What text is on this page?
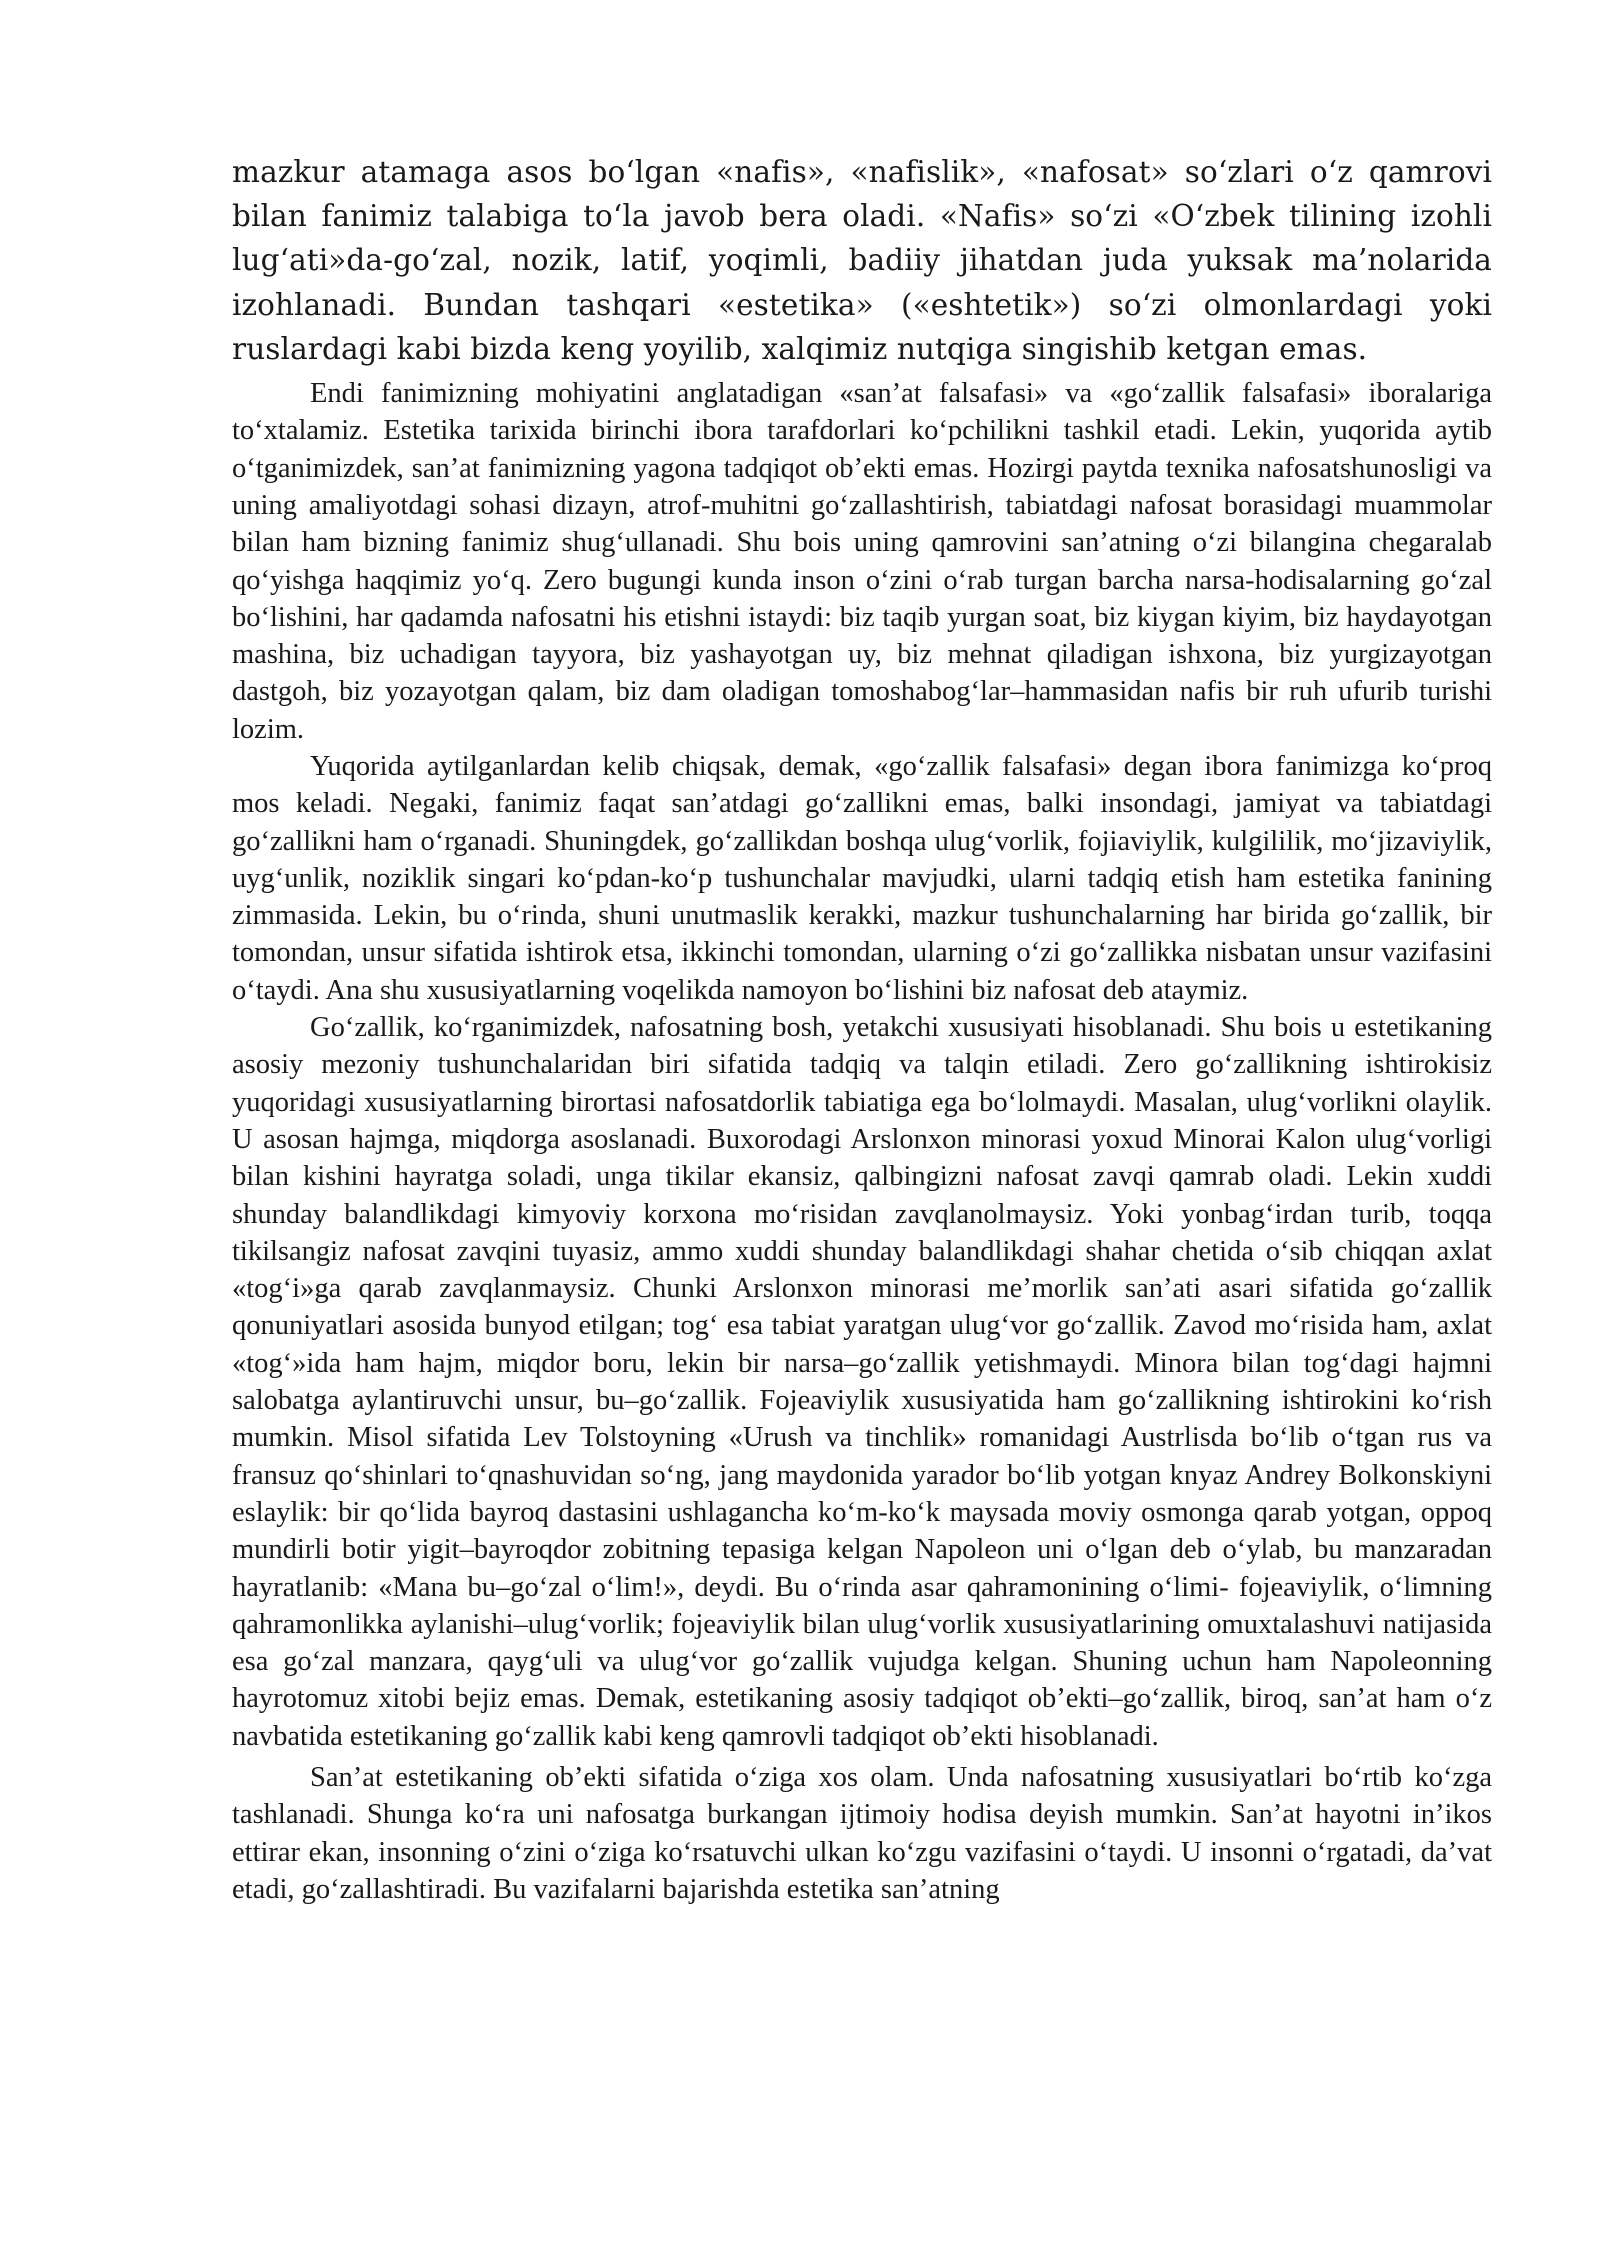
mazkur atamaga asos bo‘lgan «nafis», «nafislik», «nafosat» so‘zlari o‘z qamrovi bilan fanimiz talabiga to‘la javob bera oladi. «Nafis» so‘zi «O‘zbek tilining izohli lug‘ati»da-go‘zal, nozik, latif, yoqimli, badiiy jihatdan juda yuksak ma’nolarida izohlanadi. Bundan tashqari «estetika» («eshtetik») so‘zi olmonlardagi yoki ruslardagi kabi bizda keng yoyilib, xalqimiz nutqiga singishib ketgan emas.

Endi fanimizning mohiyatini anglatadigan «san’at falsafasi» va «go‘zallik falsafasi» iboralariga to‘xtalamiz. Estetika tarixida birinchi ibora tarafdorlari ko‘pchilikni tashkil etadi. Lekin, yuqorida aytib o‘tganimizdek, san’at fanimizning yagona tadqiqot ob’ekti emas. Hozirgi paytda texnika nafosatshunosligi va uning amaliyotdagi sohasi dizayn, atrof-muhitni go‘zallashtirish, tabiatdagi nafosat borasidagi muammolar bilan ham bizning fanimiz shug‘ullanadi. Shu bois uning qamrovini san’atning o‘zi bilangina chegaralab qo‘yishga haqqimiz yo‘q. Zero bugungi kunda inson o‘zini o‘rab turgan barcha narsa-hodisalarning go‘zal bo‘lishini, har qadamda nafosatni his etishni istaydi: biz taqib yurgan soat, biz kiygan kiyim, biz haydayotgan mashina, biz uchadigan tayyora, biz yashayotgan uy, biz mehnat qiladigan ishxona, biz yurgizayotgan dastgoh, biz yozayotgan qalam, biz dam oladigan tomoshabog‘lar–hammasidan nafis bir ruh ufurib turishi lozim.

Yuqorida aytilganlardan kelib chiqsak, demak, «go‘zallik falsafasi» degan ibora fanimizga ko‘proq mos keladi. Negaki, fanimiz faqat san’atdagi go‘zallikni emas, balki insondagi, jamiyat va tabiatdagi go‘zallikni ham o‘rganadi. Shuningdek, go‘zallikdan boshqa ulug‘vorlik, fojiaviylik, kulgililik, mo‘jizaviylik, uyg‘unlik, noziklik singari ko‘pdan-ko‘p tushunchalar mavjudki, ularni tadqiq etish ham estetika fanining zimmasida. Lekin, bu o‘rinda, shuni unutmaslik kerakki, mazkur tushunchalarning har birida go‘zallik, bir tomondan, unsur sifatida ishtirok etsa, ikkinchi tomondan, ularning o‘zi go‘zallikka nisbatan unsur vazifasini o‘taydi. Ana shu xususiyatlarning voqelikda namoyon bo‘lishini biz nafosat deb ataymiz.

Go‘zallik, ko‘rganimizdek, nafosatning bosh, yetakchi xususiyati hisoblanadi. Shu bois u estetikaning asosiy mezoniy tushunchalaridan biri sifatida tadqiq va talqin etiladi. Zero go‘zallikning ishtirokisiz yuqoridagi xususiyatlarning birortasi nafosatdorlik tabiatiga ega bo‘lolmaydi. Masalan, ulug‘vorlikni olaylik. U asosan hajmga, miqdorga asoslanadi. Buxorodagi Arslonxon minorasi yoxud Minorai Kalon ulug‘vorligi bilan kishini hayratga soladi, unga tikilar ekansiz, qalbingizni nafosat zavqi qamrab oladi. Lekin xuddi shunday balandlikdagi kimyoviy korxona mo‘risidan zavqlanolmaysiz. Yoki yonbag‘irdan turib, toqqa tikilsangiz nafosat zavqini tuyasiz, ammo xuddi shunday balandlikdagi shahar chetida o‘sib chiqqan axlat «tog‘i»ga qarab zavqlanmaysiz. Chunki Arslonxon minorasi me’morlik san’ati asari sifatida go‘zallik qonuniyatlari asosida bunyod etilgan; tog‘ esa tabiat yaratgan ulug‘vor go‘zallik. Zavod mo‘risida ham, axlat «tog‘»ida ham hajm, miqdor boru, lekin bir narsa–go‘zallik yetishmaydi. Minora bilan tog‘dagi hajmni salobatga aylantiruvchi unsur, bu–go‘zallik. Fojeaviylik xususiyatida ham go‘zallikning ishtirokini ko‘rish mumkin. Misol sifatida Lev Tolstoyning «Urush va tinchlik» romanidagi Austrlisda bo‘lib o‘tgan rus va fransuz qo‘shinlari to‘qnashuvidan so‘ng, jang maydonida yarador bo‘lib yotgan knyaz Andrey Bolkonskiyni eslaylik: bir qo‘lida bayroq dastasini ushlagancha ko‘m-ko‘k maysada moviy osmonga qarab yotgan, oppoq mundirli botir yigit–bayroqdor zobitning tepasiga kelgan Napoleon uni o‘lgan deb o‘ylab, bu manzaradan hayratlanib: «Mana bu–go‘zal o‘lim!», deydi. Bu o‘rinda asar qahramonining o‘limi- fojeaviylik, o‘limning qahramonlikka aylanishi–ulug‘vorlik; fojeaviylik bilan ulug‘vorlik xususiyatlarining omuxtalashuvi natijasida esa go‘zal manzara, qayg‘uli va ulug‘vor go‘zallik vujudga kelgan. Shuning uchun ham Napoleonning hayrotomuz xitobi bejiz emas. Demak, estetikaning asosiy tadqiqot ob’ekti–go‘zallik, biroq, san’at ham o‘z navbatida estetikaning go‘zallik kabi keng qamrovli tadqiqot ob’ekti hisoblanadi.

San’at estetikaning ob’ekti sifatida o‘ziga xos olam. Unda nafosatning xususiyatlari bo‘rtib ko‘zga tashlanadi. Shunga ko‘ra uni nafosatga burkangan ijtimoiy hodisa deyish mumkin. San’at hayotni in’ikos ettirar ekan, insonning o‘zini o‘ziga ko‘rsatuvchi ulkan ko‘zgu vazifasini o‘taydi. U insonni o‘rgatadi, da’vat etadi, go‘zallashtiradi. Bu vazifalarni bajarishda estetika san’atning
